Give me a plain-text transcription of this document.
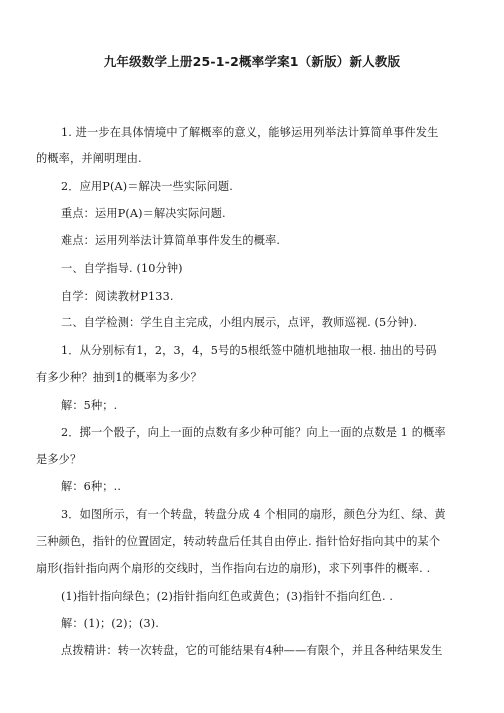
九年级数学上册25-1-2概率学案1（新版）新人教版
1. 进一步在具体情境中了解概率的意义，能够运用列举法计算简单事件发生
的概率，并阐明理由.
2．应用P(A)＝解决一些实际问题.
重点：运用P(A)＝解决实际问题.
难点：运用列举法计算简单事件发生的概率.
一、自学指导. (10分钟)
自学：阅读教材P133.
二、自学检测：学生自主完成，小组内展示，点评，教师巡视. (5分钟).
1．从分别标有1，2，3，4，5号的5根纸签中随机地抽取一根. 抽出的号码
有多少种？抽到1的概率为多少？
解：5种；.
2．掷一个骰子，向上一面的点数有多少种可能？向上一面的点数是 1 的概率
是多少？
解：6种；..
3．如图所示，有一个转盘，转盘分成 4 个相同的扇形，颜色分为红、绿、黄
三种颜色，指针的位置固定，转动转盘后任其自由停止. 指针恰好指向其中的某个
扇形(指针指向两个扇形的交线时，当作指向右边的扇形)，求下列事件的概率. .
(1)指针指向绿色；(2)指针指向红色或黄色；(3)指针不指向红色. .
解：(1)；(2)；(3).
点拨精讲：转一次转盘，它的可能结果有4种——有限个，并且各种结果发生
